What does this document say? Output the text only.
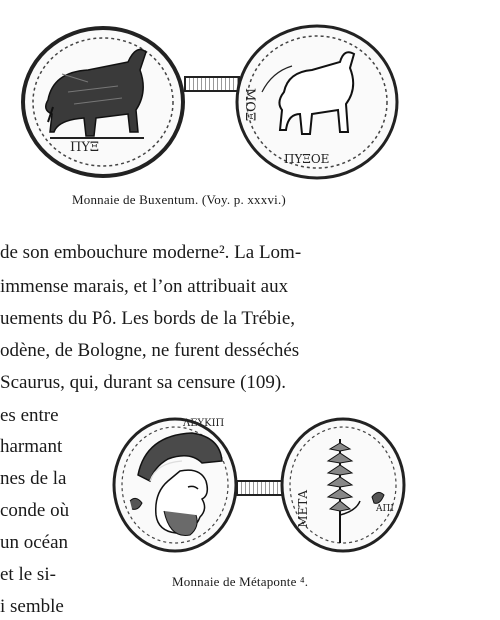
ΠΥΞ
ΜΟΞ
ΠΥΞΟΕ
Monnaie de Buxentum. (Voy. p. xxxvi.)
de son embouchure moderne². La Lom-
immense marais, et l’on attribuait aux
uements du Pô. Les bords de la Trébie,
odène, de Bologne, ne furent desséchés
Scaurus, qui, durant sa censure (109).
es entre
harmant
nes de la
conde où
un océan
et le si-
i semble
ΛΕΥΚΙΠ
ΜΕΤΑ	ΑΠΙ
Monnaie de Métaponte ⁴.
